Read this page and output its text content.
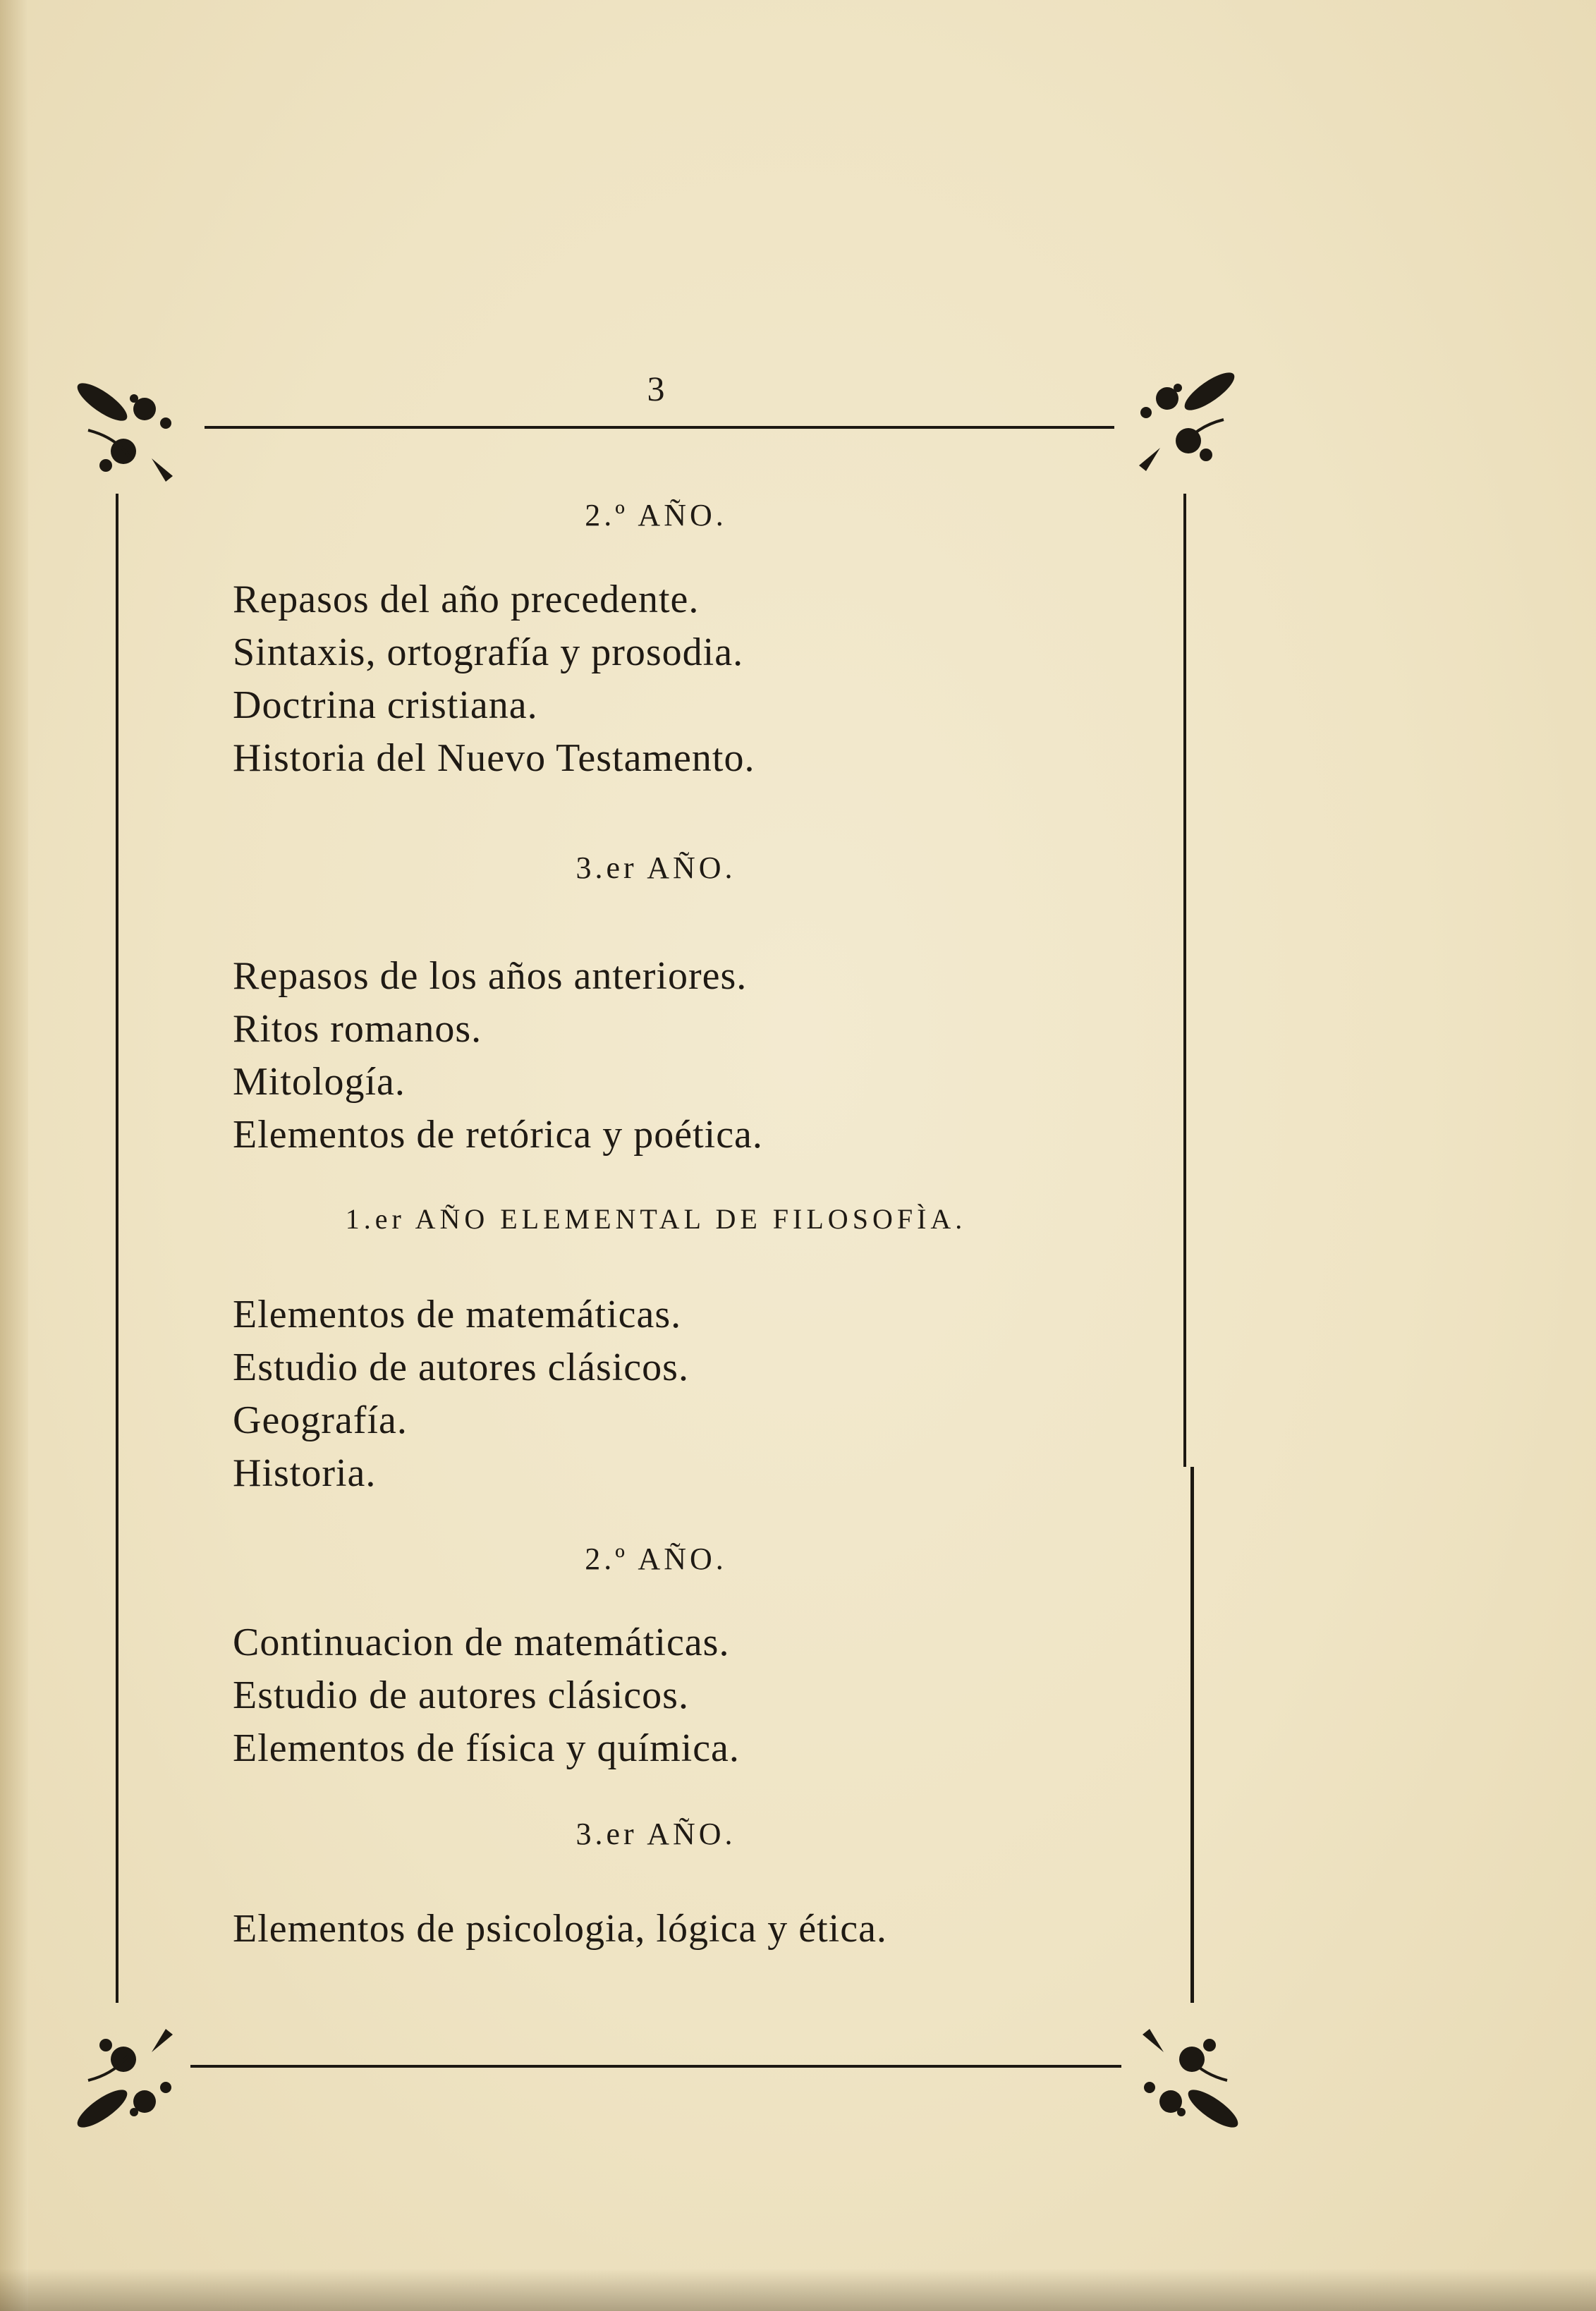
3
2.º AÑO.
Repasos del año precedente.
Sintaxis, ortografía y prosodia.
Doctrina cristiana.
Historia del Nuevo Testamento.
3.er AÑO.
Repasos de los años anteriores.
Ritos romanos.
Mitología.
Elementos de retórica y poética.
1.er AÑO ELEMENTAL DE FILOSOFÌA.
Elementos de matemáticas.
Estudio de autores clásicos.
Geografía.
Historia.
2.º AÑO.
Continuacion de matemáticas.
Estudio de autores clásicos.
Elementos de física y química.
3.er AÑO.
Elementos de psicologia, lógica y ética.
